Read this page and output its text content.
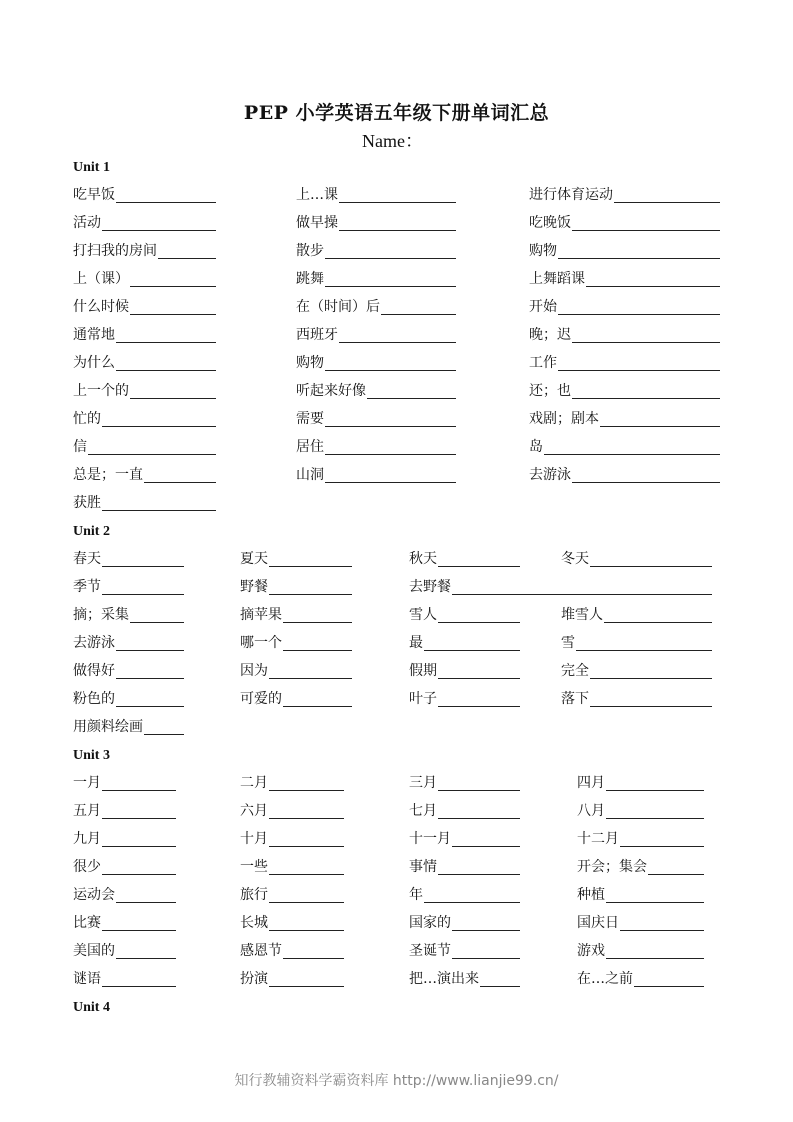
PEP 小学英语五年级下册单词汇总
Name：
Unit 1
吃早饭	上…课	进行体育运动
活动	做早操	吃晚饭
打扫我的房间	散步	购物
上（课）	跳舞	上舞蹈课
什么时候	在（时间）后	开始
通常地	西班牙	晚；迟
为什么	购物	工作
上一个的	听起来好像	还；也
忙的	需要	戏剧；剧本
信	居住	岛
总是；一直	山洞	去游泳
获胜
Unit 2
春天	夏天	秋天	冬天
季节	野餐	去野餐
摘；采集	摘苹果	雪人	堆雪人
去游泳	哪一个	最	雪
做得好	因为	假期	完全
粉色的	可爱的	叶子	落下
用颜料绘画
Unit 3
一月	二月	三月	四月
五月	六月	七月	八月
九月	十月	十一月	十二月
很少	一些	事情	开会；集会
运动会	旅行	年	种植
比赛	长城	国家的	国庆日
美国的	感恩节	圣诞节	游戏
谜语	扮演	把…演出来	在…之前
Unit 4
知行教辅资料学霸资料库 http://www.lianjie99.cn/
